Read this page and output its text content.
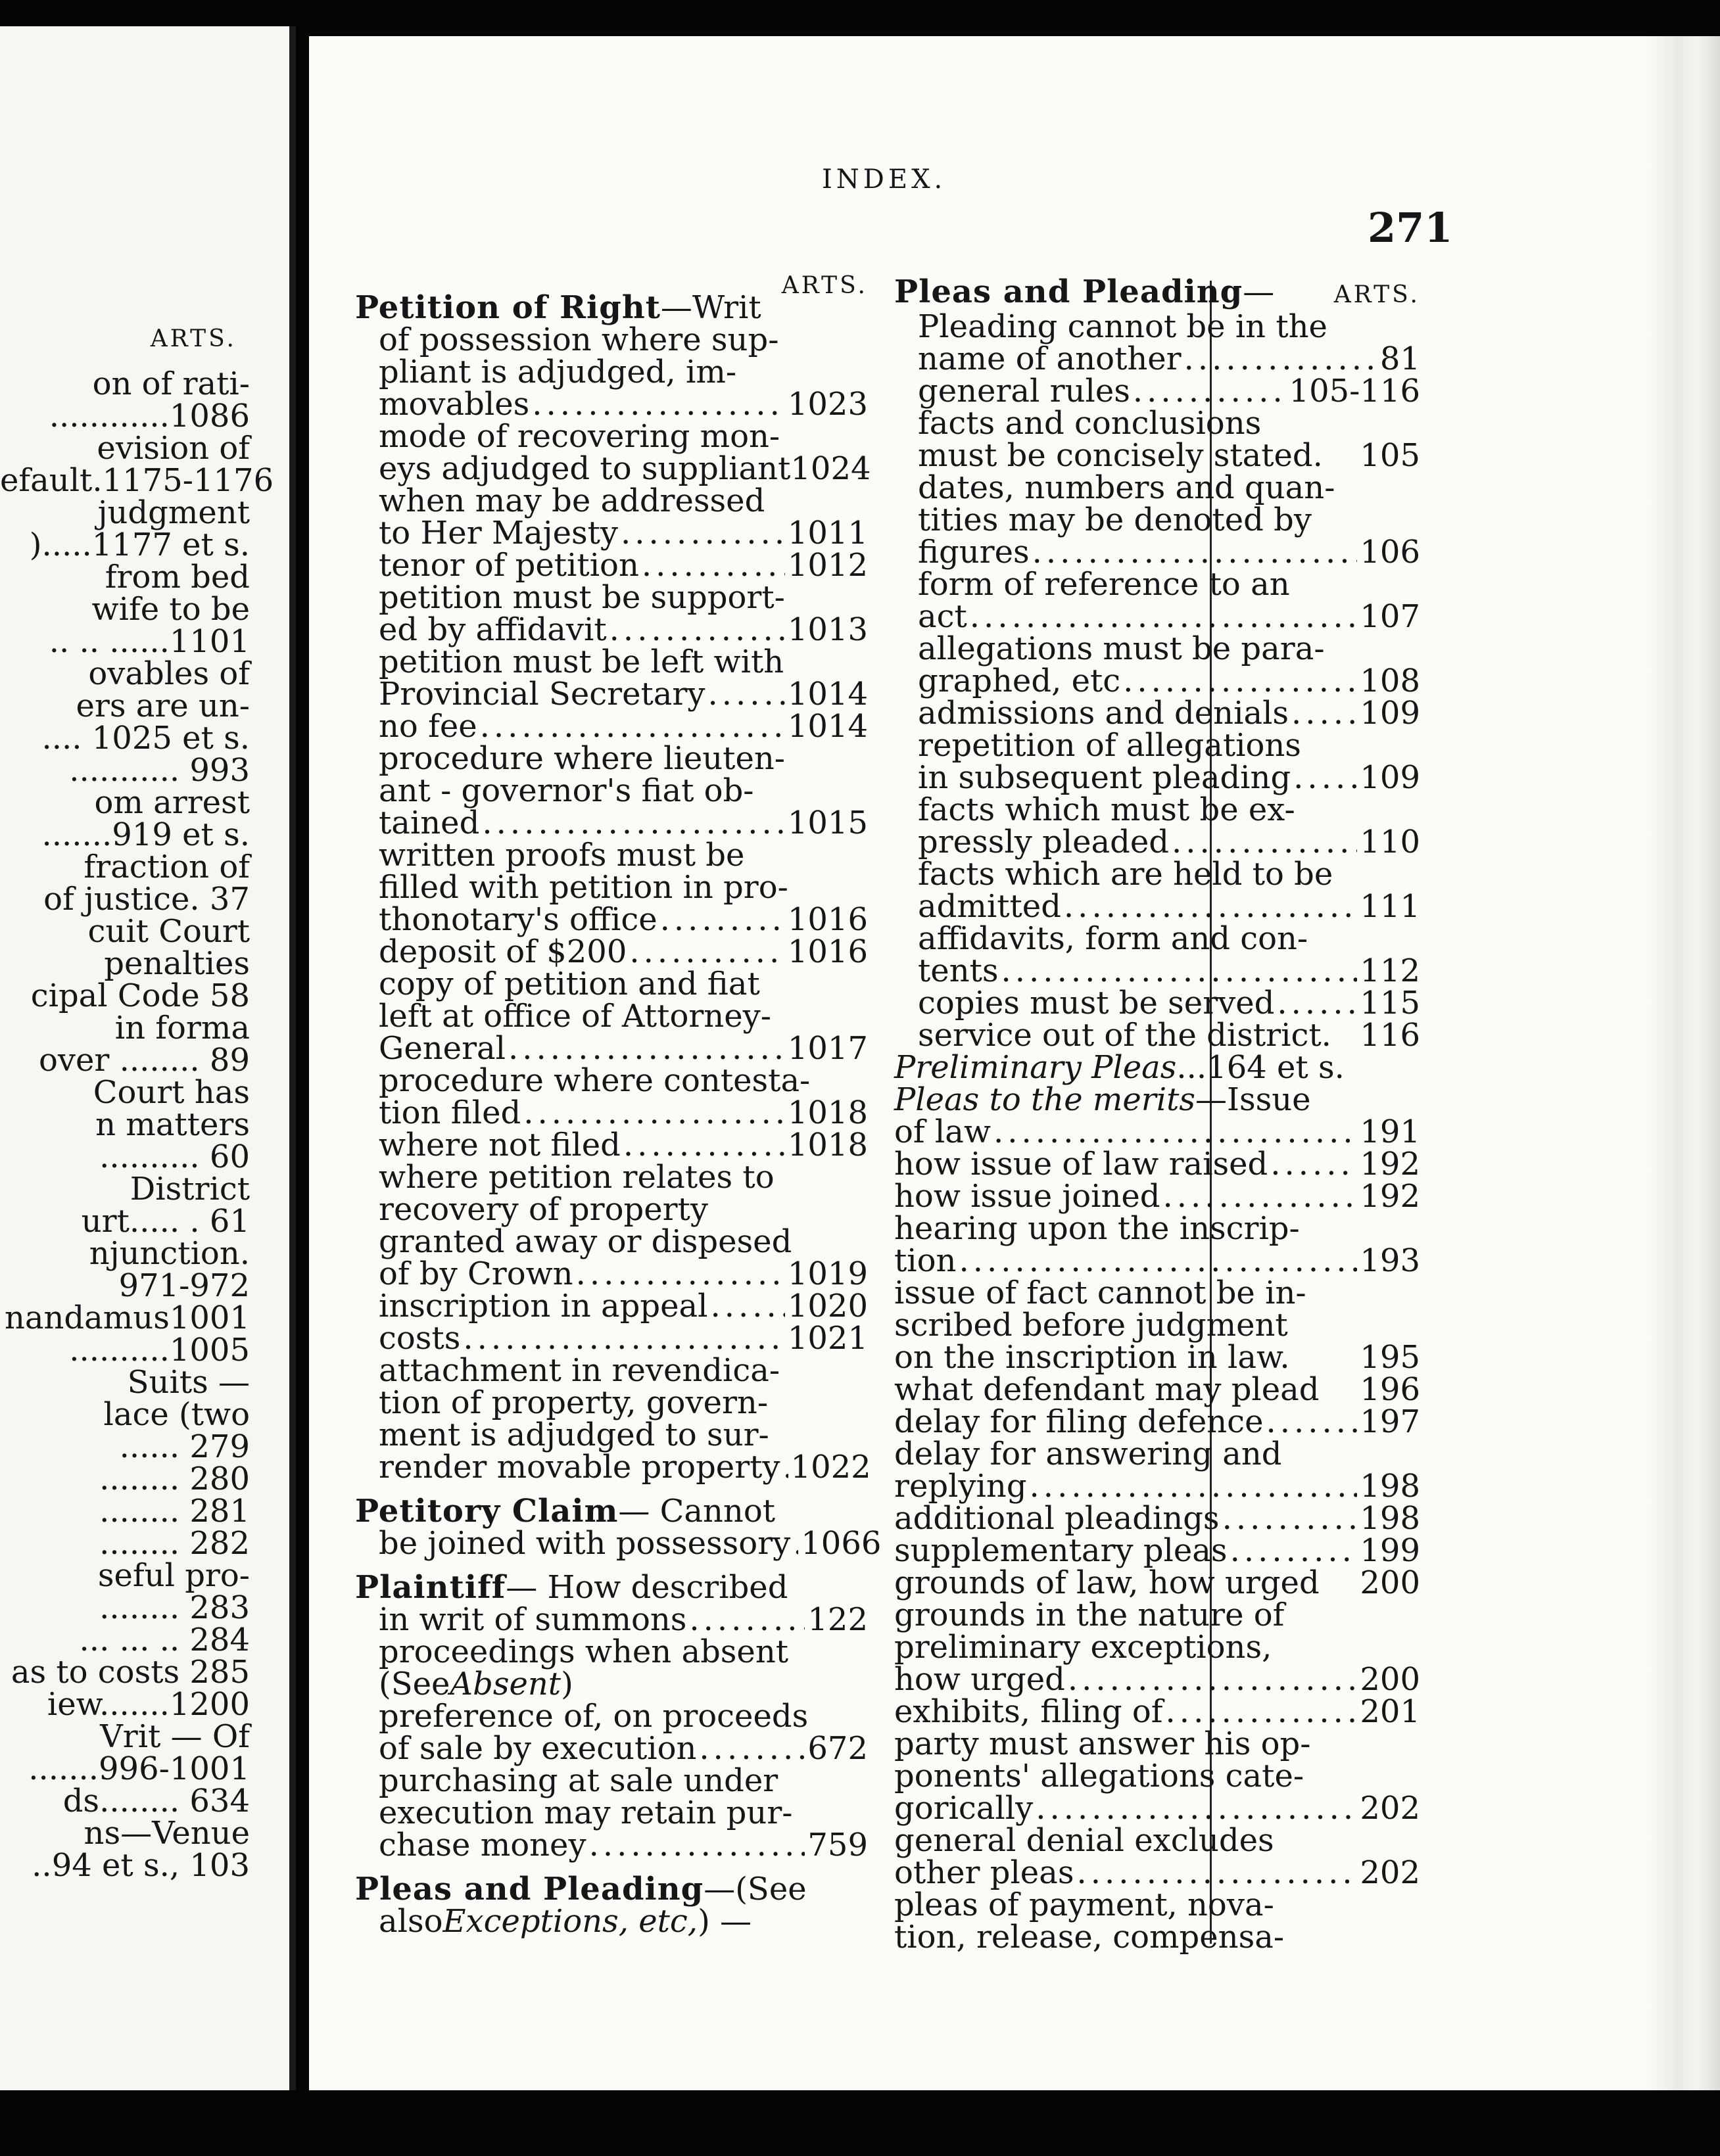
ARTS.
on of rati-
............1086
evision of
efault.1175-1176
judgment
).....1177 et s.
from bed
wife to be
.. .. ......1101
ovables of
ers are un-
.... 1025 et s.
........... 993
om arrest
.......919 et s.
fraction of
of justice. 37
cuit Court
penalties
cipal Code 58
in forma
over ........ 89
Court has
n matters
.......... 60
District
urt..... . 61
njunction.
971-972
nandamus1001
..........1005
Suits —
lace (two
...... 279
........ 280
........ 281
........ 282
seful pro-
........ 283
... ... .. 284
as to costs 285
iew.......1200
Vrit — Of
.......996-1001
ds........ 634
ns—Venue
..94 et s., 103
INDEX.
271
ARTS.
Petition of Right —Writ
of possession where sup-
pliant is adjudged, im-
movables .....	1023
mode of recovering mon-
eys adjudged to suppliant1024
when may be addressed
to Her Majesty .....	1011
tenor of petition .....	1012
petition must be support-
ed by affidavit .....	1013
petition must be left with
Provincial Secretary .....	1014
no fee .....	1014
procedure where lieuten-
ant - governor's fiat ob-
tained .....	1015
written proofs must be
filled with petition in pro-
thonotary's office .....	1016
deposit of $200 .....	1016
copy of petition and fiat
left at office of Attorney-
General .....	1017
procedure where contesta-
tion filed .....	1018
where not filed .....	1018
where petition relates to
recovery of property
granted away or dispesed
of by Crown .....	1019
inscription in appeal .....	1020
costs .....	1021
attachment in revendica-
tion of property, govern-
ment is adjudged to sur-
render movable property ..... 1022
Petitory Claim — Cannot
be joined with possessory ..... 1066
Plaintiff — How described
in writ of summons .....	122
proceedings when absent
(See Absent )
preference of, on proceeds
of sale by execution .....	672
purchasing at sale under
execution may retain pur-
chase money .....	759
Pleas and Pleading —(See
also Exceptions, etc, ) —
Pleas and Pleading —	ARTS.
Pleading cannot be in the
name of another .....	81
general rules .....	105-116
facts and conclusions
must be concisely stated. 105
dates, numbers and quan-
tities may be denoted by
figures .....	106
form of reference to an
act .....	107
allegations must be para-
graphed, etc .....	108
admissions and denials ..... 109
repetition of allegations
in subsequent pleading ..... 109
facts which must be ex-
pressly pleaded .....	110
facts which are held to be
admitted .....	111
affidavits, form and con-
tents .....	112
copies must be served .....	115
service out of the district. 116
Preliminary Pleas ...164 et s.
Pleas to the merits —Issue
of law .....	191
how issue of law raised .....	192
how issue joined .....	192
hearing upon the inscrip-
tion .....	193
issue of fact cannot be in-
scribed before judgment
on the inscription in law. 195
what defendant may plead 196
delay for filing defence .....	197
delay for answering and
replying .....	198
additional pleadings .....	198
supplementary pleas .....	199
grounds of law, how urged 200
grounds in the nature of
preliminary exceptions,
how urged .....	200
exhibits, filing of .....	201
party must answer his op-
ponents' allegations cate-
gorically .....	202
general denial excludes
other pleas .....	202
pleas of payment, nova-
tion, release, compensa-
